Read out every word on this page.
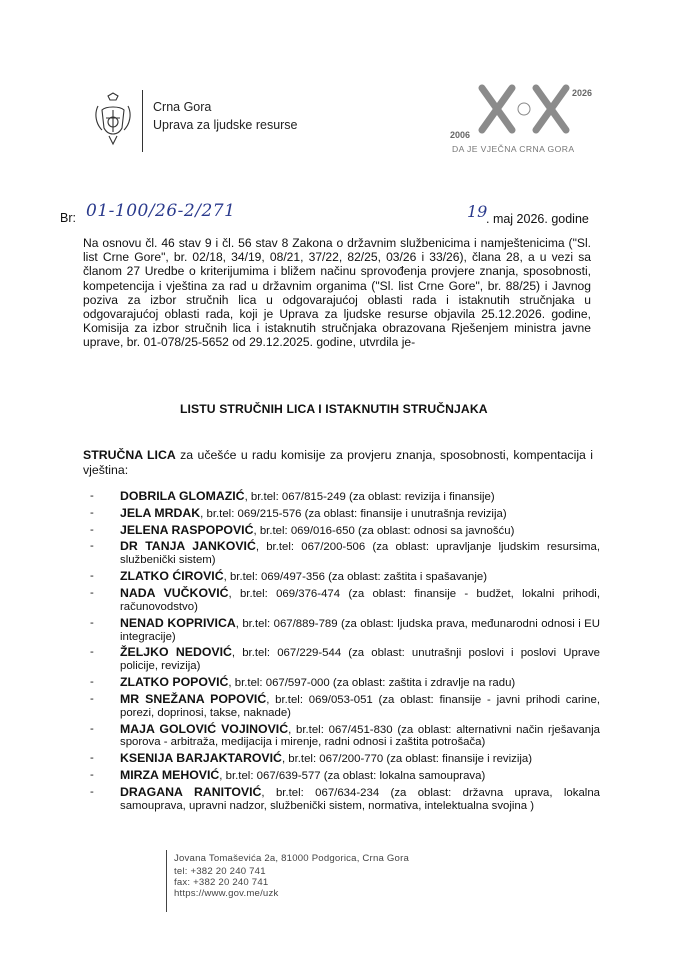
Crna Gora
Uprava za ljudske resurse
2006
2026
DA JE VJEČNA CRNA GORA
Br: 01-100/26-2/271	19
. maj 2026. godine
Na osnovu čl. 46 stav 9 i čl. 56 stav 8 Zakona o državnim službenicima i namještenicima ("Sl. list Crne Gore", br. 02/18, 34/19, 08/21, 37/22, 82/25, 03/26 i 33/26), člana 28, a u vezi sa članom 27 Uredbe o kriterijumima i bližem načinu sprovođenja provjere znanja, sposobnosti, kompetencija i vještina za rad u državnim organima ("Sl. list Crne Gore", br. 88/25) i Javnog poziva za izbor stručnih lica u odgovarajućoj oblasti rada i istaknutih stručnjaka u odgovarajućoj oblasti rada, koji je Uprava za ljudske resurse objavila 25.12.2026. godine, Komisija za izbor stručnih lica i istaknutih stručnjaka obrazovana Rješenjem ministra javne uprave, br. 01-078/25-5652 od 29.12.2025. godine, utvrdila je-
LISTU STRUČNIH LICA I ISTAKNUTIH STRUČNJAKA
STRUČNA LICA za učešće u radu komisije za provjeru znanja, sposobnosti, kompentacija i vještina:
- DOBRILA GLOMAZIĆ, br.tel: 067/815-249 (za oblast: revizija i finansije)
- JELA MRDAK, br.tel: 069/215-576 (za oblast: finansije i unutrašnja revizija)
- JELENA RASPOPOVIĆ, br.tel: 069/016-650 (za oblast: odnosi sa javnošću)
- DR TANJA JANKOVIĆ, br.tel: 067/200-506 (za oblast: upravljanje ljudskim resursima, službenički sistem)
- ZLATKO ĆIROVIĆ, br.tel: 069/497-356 (za oblast: zaštita i spašavanje)
- NADA VUČKOVIĆ, br.tel: 069/376-474 (za oblast: finansije - budžet, lokalni prihodi, računovodstvo)
- NENAD KOPRIVICA, br.tel: 067/889-789 (za oblast: ljudska prava, međunarodni odnosi i EU integracije)
- ŽELJKO NEDOVIĆ, br.tel: 067/229-544 (za oblast: unutrašnji poslovi i poslovi Uprave policije, revizija)
- ZLATKO POPOVIĆ, br.tel: 067/597-000 (za oblast: zaštita i zdravlje na radu)
- MR SNEŽANA POPOVIĆ, br.tel: 069/053-051 (za oblast: finansije - javni prihodi carine, porezi, doprinosi, takse, naknade)
- MAJA GOLOVIĆ VOJINOVIĆ, br.tel: 067/451-830 (za oblast: alternativni način rješavanja sporova - arbitraža, medijacija i mirenje, radni odnosi i zaštita potrošača)
- KSENIJA BARJAKTAROVIĆ, br.tel: 067/200-770 (za oblast: finansije i revizija)
- MIRZA MEHOVIĆ, br.tel: 067/639-577 (za oblast: lokalna samouprava)
- DRAGANA RANITOVIĆ, br.tel: 067/634-234 (za oblast: državna uprava, lokalna samouprava, upravni nadzor, službenički sistem, normativa, intelektualna svojina )
Jovana Tomaševića 2a, 81000 Podgorica, Crna Gora
tel: +382 20 240 741
fax: +382 20 240 741
https://www.gov.me/uzk
